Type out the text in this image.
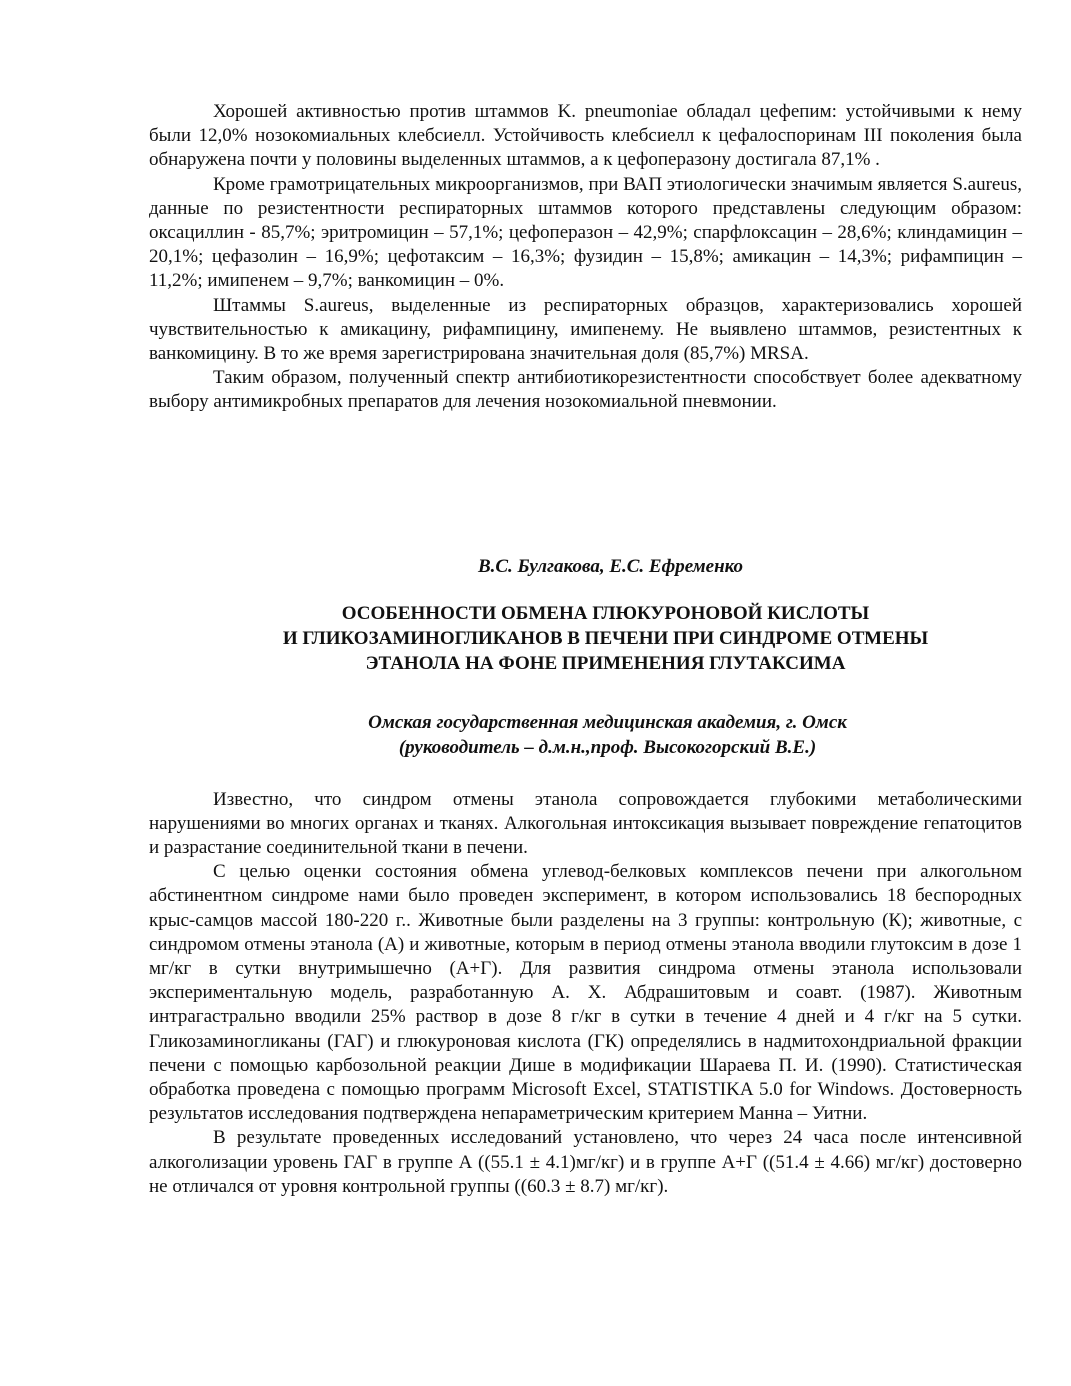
Хорошей активностью против штаммов K. pneumoniae обладал цефепим: устойчивыми к нему были 12,0% нозокомиальных клебсиелл. Устойчивость клебсиелл к цефалоспоринам III поколения была обнаружена почти у половины выделенных штаммов, а к цефоперазону достигала 87,1% .

Кроме грамотрицательных микроорганизмов, при ВАП этиологически значимым является S.aureus, данные по резистентности респираторных штаммов которого представлены следующим образом: оксациллин - 85,7%; эритромицин – 57,1%; цефоперазон – 42,9%; спарфлоксацин – 28,6%; клиндамицин – 20,1%; цефазолин – 16,9%; цефотаксим – 16,3%; фузидин – 15,8%; амикацин – 14,3%; рифампицин – 11,2%; имипенем – 9,7%; ванкомицин – 0%.

Штаммы S.aureus, выделенные из респираторных образцов, характеризовались хорошей чувствительностью к амикацину, рифампицину, имипенему. Не выявлено штаммов, резистентных к ванкомицину. В то же время зарегистрирована значительная доля (85,7%) MRSA.

Таким образом, полученный спектр антибиотикорезистентности способствует более адекватному выбору антимикробных препаратов для лечения нозокомиальной пневмонии.

В.С. Булгакова, Е.С. Ефременко

ОСОБЕННОСТИ ОБМЕНА ГЛЮКУРОНОВОЙ КИСЛОТЫ
И ГЛИКОЗАМИНОГЛИКАНОВ В ПЕЧЕНИ ПРИ СИНДРОМЕ ОТМЕНЫ
ЭТАНОЛА НА ФОНЕ ПРИМЕНЕНИЯ ГЛУТАКСИМА

Омская государственная медицинская академия, г. Омск
(руководитель – д.м.н.,проф. Высокогорский В.Е.)

Известно, что синдром отмены этанола сопровождается глубокими метаболическими нарушениями во многих органах и тканях. Алкогольная интоксикация вызывает повреждение гепатоцитов и разрастание соединительной ткани в печени.

С целью оценки состояния обмена углевод-белковых комплексов печени при алкогольном абстинентном синдроме нами было проведен эксперимент, в котором использовались 18 беспородных крыс-самцов массой 180-220 г.. Животные были разделены на 3 группы: контрольную (К); животные, с синдромом отмены этанола (А) и животные, которым в период отмены этанола вводили глутоксим в дозе 1 мг/кг в сутки внутримышечно (А+Г). Для развития синдрома отмены этанола использовали экспериментальную модель, разработанную А. Х. Абдрашитовым и соавт. (1987). Животным интрагастрально вводили 25% раствор в дозе 8 г/кг в сутки в течение 4 дней и 4 г/кг на 5 сутки. Гликозаминогликаны (ГАГ) и глюкуроновая кислота (ГК) определялись в надмитохондриальной фракции печени с помощью карбозольной реакции Дише в модификации Шараева П. И. (1990). Статистическая обработка проведена с помощью программ Microsoft Excel, STATISTIKA 5.0 for Windows. Достоверность результатов исследования подтверждена непараметрическим критерием Манна – Уитни.

В результате проведенных исследований установлено, что через 24 часа после интенсивной алкоголизации уровень ГАГ в группе А ((55.1 ± 4.1)мг/кг) и в группе А+Г ((51.4 ± 4.66) мг/кг) достоверно не отличался от уровня контрольной группы ((60.3 ± 8.7) мг/кг).
